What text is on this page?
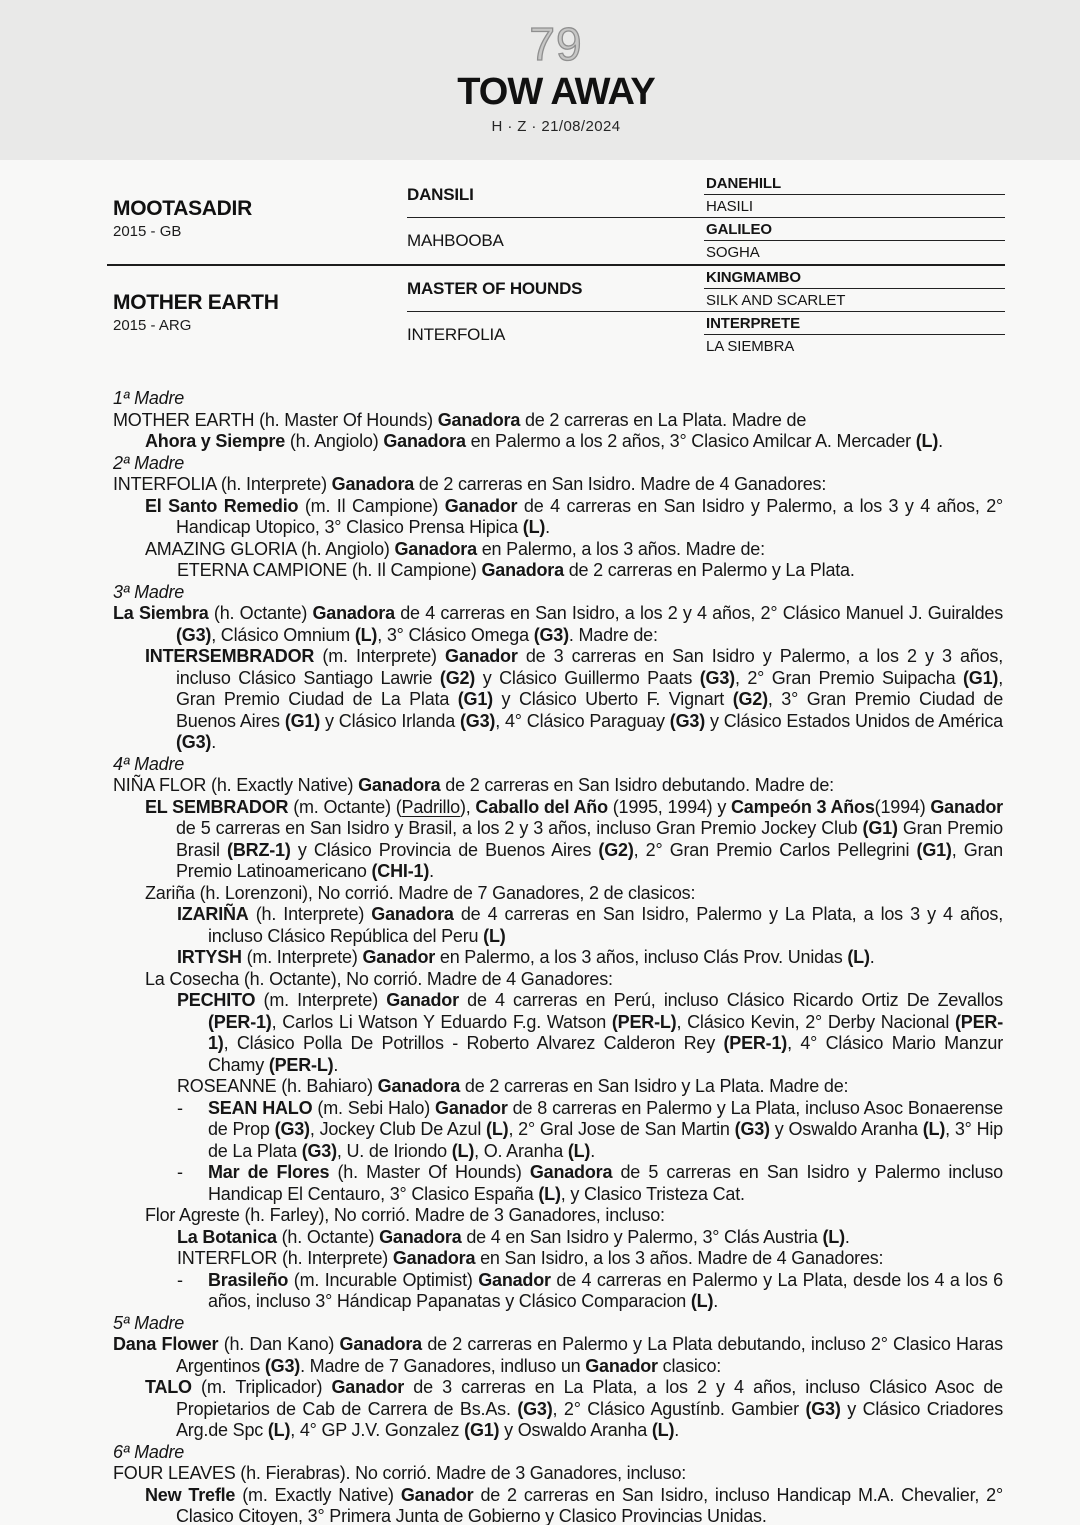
79
TOW AWAY
H · Z · 21/08/2024
MOOTASADIR
2015 - GB
DANSILI
MAHBOOBA
DANEHILL
HASILI
GALILEO
SOGHA
MOTHER EARTH
2015 - ARG
MASTER OF HOUNDS
INTERFOLIA
KINGMAMBO
SILK AND SCARLET
INTERPRETE
LA SIEMBRA

1ª Madre

MOTHER EARTH (h. Master Of Hounds) Ganadora de 2 carreras en La Plata. Madre de

Ahora y Siempre (h. Angiolo) Ganadora en Palermo a los 2 años, 3° Clasico Amilcar A. Mercader (L).

2ª Madre

INTERFOLIA (h. Interprete) Ganadora de 2 carreras en San Isidro. Madre de 4 Ganadores:

El Santo Remedio (m. Il Campione) Ganador de 4 carreras en San Isidro y Palermo, a los 3 y 4 años, 2° Handicap Utopico, 3° Clasico Prensa Hipica (L).

AMAZING GLORIA (h. Angiolo) Ganadora en Palermo, a los 3 años. Madre de:

ETERNA CAMPIONE (h. Il Campione) Ganadora de 2 carreras en Palermo y La Plata.

3ª Madre

La Siembra (h. Octante) Ganadora de 4 carreras en San Isidro, a los 2 y 4 años, 2° Clásico Manuel J. Guiraldes (G3), Clásico Omnium (L), 3° Clásico Omega (G3). Madre de:

INTERSEMBRADOR (m. Interprete) Ganador de 3 carreras en San Isidro y Palermo, a los 2 y 3 años, incluso Clásico Santiago Lawrie (G2) y Clásico Guillermo Paats (G3), 2° Gran Premio Suipacha (G1), Gran Premio Ciudad de La Plata (G1) y Clásico Uberto F. Vignart (G2), 3° Gran Premio Ciudad de Buenos Aires (G1) y Clásico Irlanda (G3), 4° Clásico Paraguay (G3) y Clásico Estados Unidos de América (G3).

4ª Madre

NIÑA FLOR (h. Exactly Native) Ganadora de 2 carreras en San Isidro debutando. Madre de:

EL SEMBRADOR (m. Octante) (Padrillo), Caballo del Año (1995, 1994) y Campeón 3 Años(1994) Ganador de 5 carreras en San Isidro y Brasil, a los 2 y 3 años, incluso Gran Premio Jockey Club (G1) Gran Premio Brasil (BRZ-1) y Clásico Provincia de Buenos Aires (G2), 2° Gran Premio Carlos Pellegrini (G1), Gran Premio Latinoamericano (CHI-1).

Zariña (h. Lorenzoni), No corrió. Madre de 7 Ganadores, 2 de clasicos:

IZARIÑA (h. Interprete) Ganadora de 4 carreras en San Isidro, Palermo y La Plata, a los 3 y 4 años, incluso Clásico República del Peru (L)

IRTYSH (m. Interprete) Ganador en Palermo, a los 3 años, incluso Clás Prov. Unidas (L).

La Cosecha (h. Octante), No corrió. Madre de 4 Ganadores:

PECHITO (m. Interprete) Ganador de 4 carreras en Perú, incluso Clásico Ricardo Ortiz De Zevallos (PER-1), Carlos Li Watson Y Eduardo F.g. Watson (PER-L), Clásico Kevin, 2° Derby Nacional (PER-1), Clásico Polla De Potrillos - Roberto Alvarez Calderon Rey (PER-1), 4° Clásico Mario Manzur Chamy (PER-L).

ROSEANNE (h. Bahiaro) Ganadora de 2 carreras en San Isidro y La Plata. Madre de:

- SEAN HALO (m. Sebi Halo) Ganador de 8 carreras en Palermo y La Plata, incluso Asoc Bonaerense de Prop (G3), Jockey Club De Azul (L), 2° Gral Jose de San Martin (G3) y Oswaldo Aranha (L), 3° Hip de La Plata (G3), U. de Iriondo (L), O. Aranha (L).

- Mar de Flores (h. Master Of Hounds) Ganadora de 5 carreras en San Isidro y Palermo incluso Handicap El Centauro, 3° Clasico España (L), y Clasico Tristeza Cat.

Flor Agreste (h. Farley), No corrió. Madre de 3 Ganadores, incluso:

La Botanica (h. Octante) Ganadora de 4 en San Isidro y Palermo, 3° Clás Austria (L).

INTERFLOR (h. Interprete) Ganadora en San Isidro, a los 3 años. Madre de 4 Ganadores:

- Brasileño (m. Incurable Optimist) Ganador de 4 carreras en Palermo y La Plata, desde los 4 a los 6 años, incluso 3° Hándicap Papanatas y Clásico Comparacion (L).

5ª Madre

Dana Flower (h. Dan Kano) Ganadora de 2 carreras en Palermo y La Plata debutando, incluso 2° Clasico Haras Argentinos (G3). Madre de 7 Ganadores, indluso un Ganador clasico:

TALO (m. Triplicador) Ganador de 3 carreras en La Plata, a los 2 y 4 años, incluso Clásico Asoc de Propietarios de Cab de Carrera de Bs.As. (G3), 2° Clásico Agustínb. Gambier (G3) y Clásico Criadores Arg.de Spc (L), 4° GP J.V. Gonzalez (G1) y Oswaldo Aranha (L).

6ª Madre

FOUR LEAVES (h. Fierabras). No corrió. Madre de 3 Ganadores, incluso:

New Trefle (m. Exactly Native) Ganador de 2 carreras en San Isidro, incluso Handicap M.A. Chevalier, 2° Clasico Citoyen, 3° Primera Junta de Gobierno y Clasico Provincias Unidas.
